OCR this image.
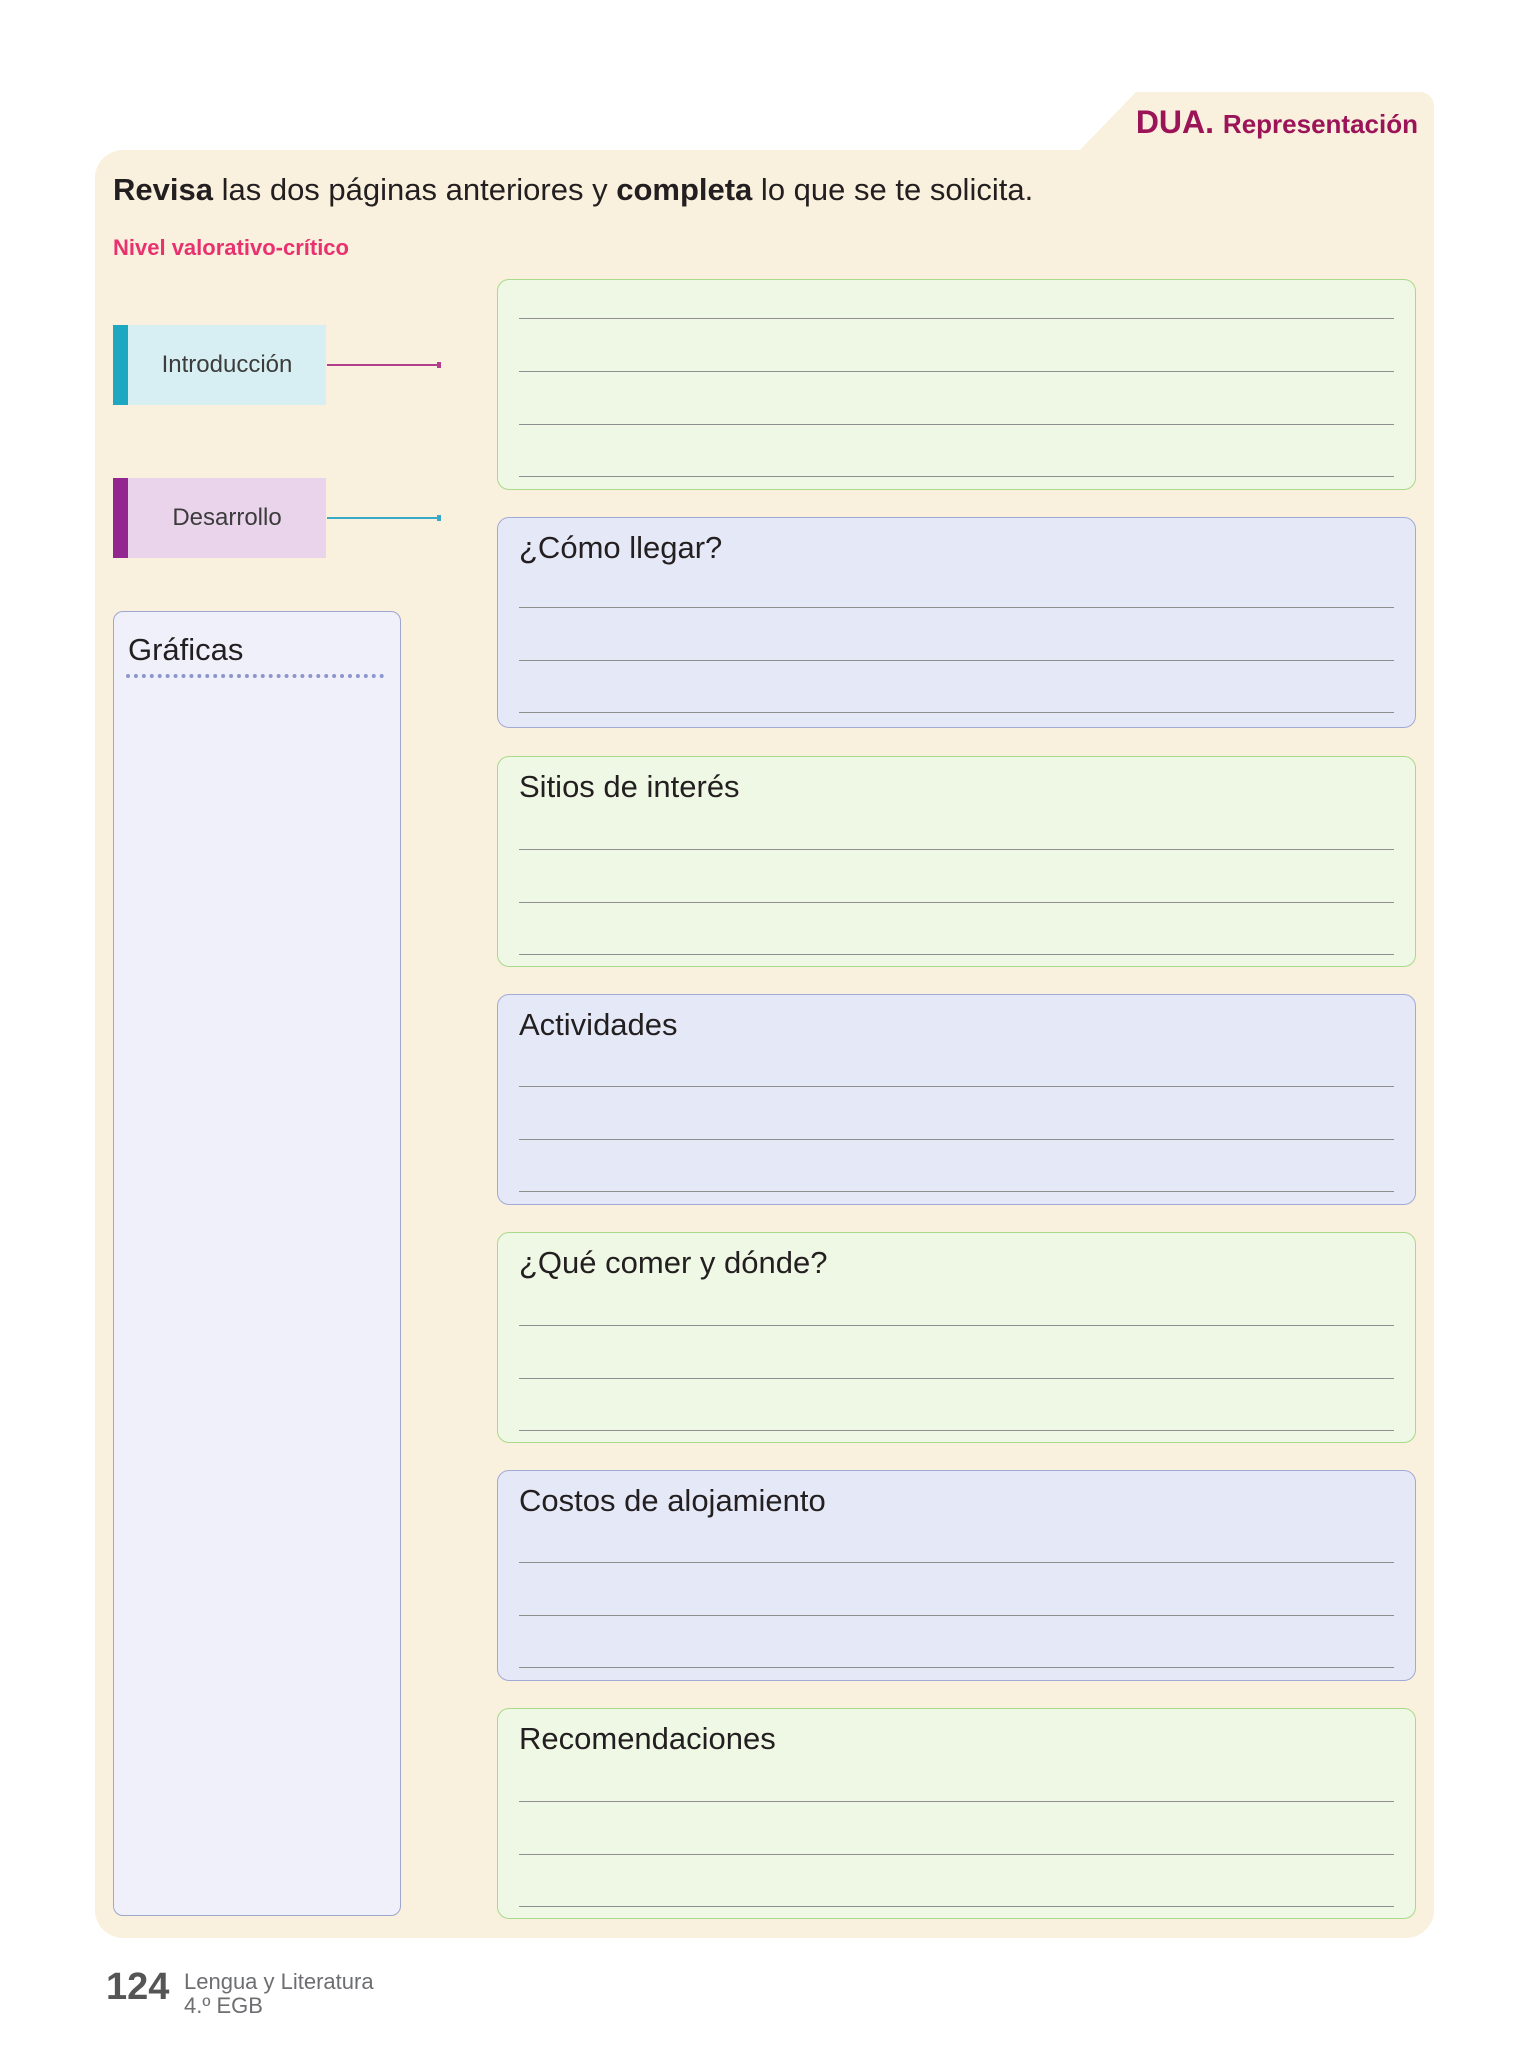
DUA. Representación
Revisa las dos páginas anteriores y completa lo que se te solicita.
Nivel valorativo-crítico
Introducción
Desarrollo
Gráficas
¿Cómo llegar?
Sitios de interés
Actividades
¿Qué comer y dónde?
Costos de alojamiento
Recomendaciones
124 Lengua y Literatura
4.º EGB
